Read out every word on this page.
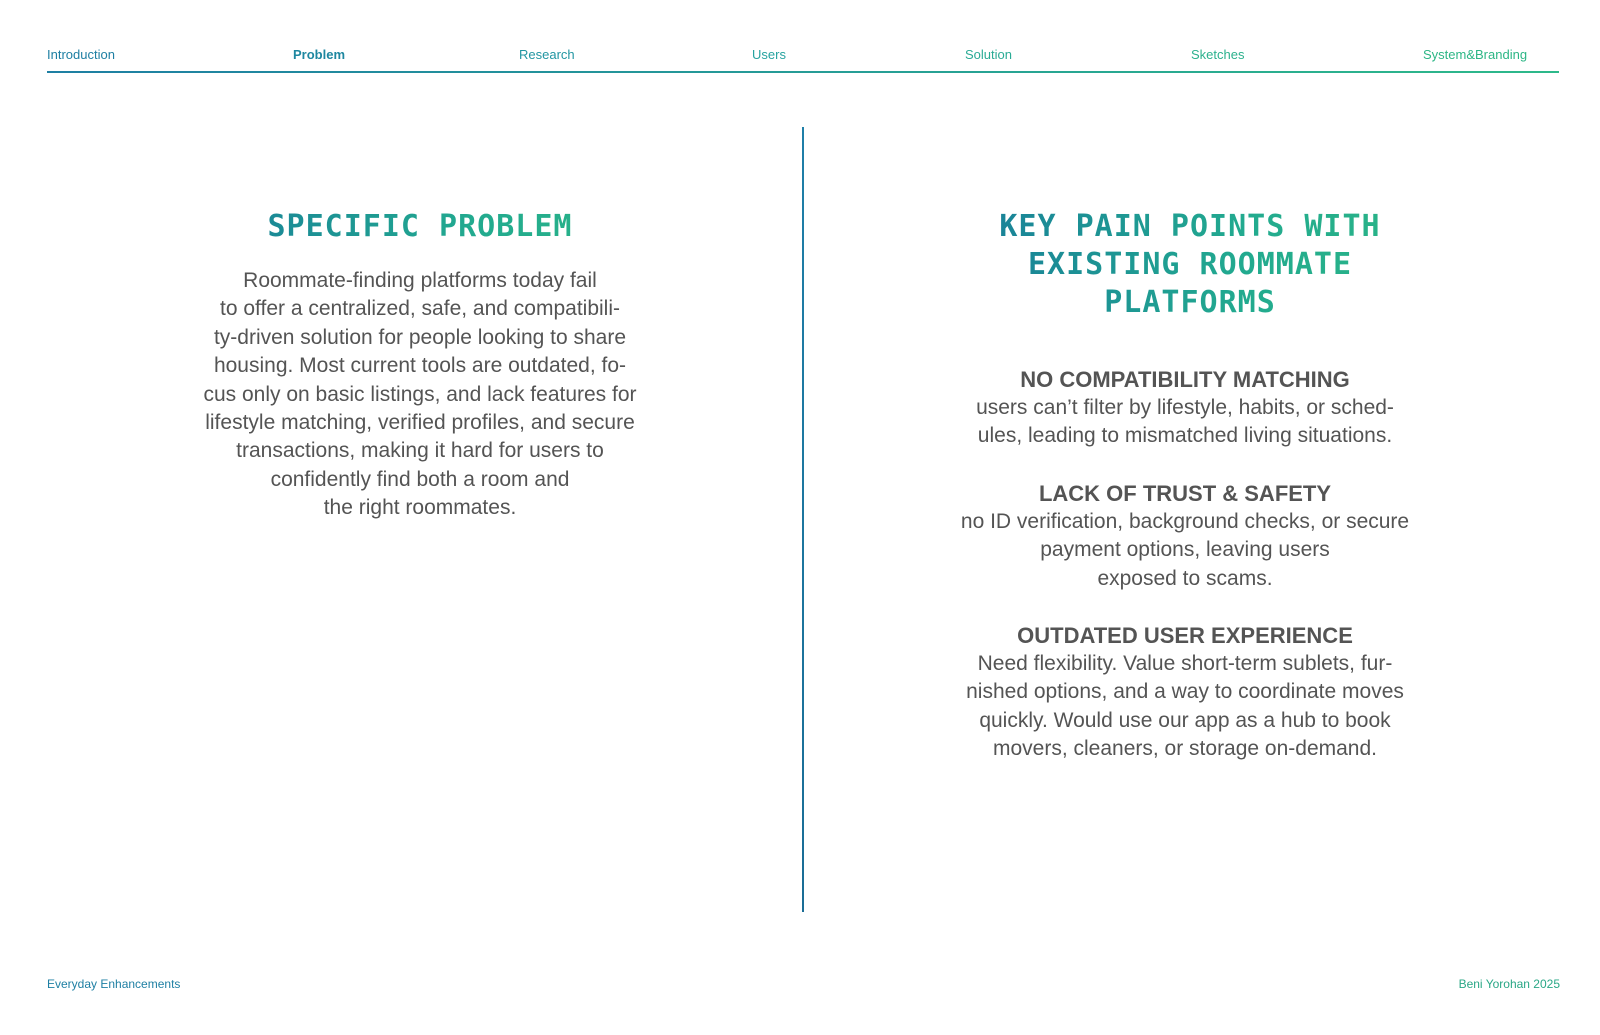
Introduction	Problem	Research	Users	Solution	Sketches	System&Branding
SPECIFIC PROBLEM

Roommate-finding platforms today fail
to offer a centralized, safe, and compatibili-
ty-driven solution for people looking to share
housing. Most current tools are outdated, fo-
cus only on basic listings, and lack features for
lifestyle matching, verified profiles, and secure
transactions, making it hard for users to
confidently find both a room and
the right roommates.

KEY PAIN POINTS WITH
EXISTING ROOMMATE
PLATFORMS

NO COMPATIBILITY MATCHING

users can’t filter by lifestyle, habits, or sched-
ules, leading to mismatched living situations.

LACK OF TRUST & SAFETY

no ID verification, background checks, or secure
payment options, leaving users
exposed to scams.

OUTDATED USER EXPERIENCE

Need flexibility. Value short-term sublets, fur-
nished options, and a way to coordinate moves
quickly. Would use our app as a hub to book
movers, cleaners, or storage on-demand.

Everyday Enhancements	Beni Yorohan 2025
